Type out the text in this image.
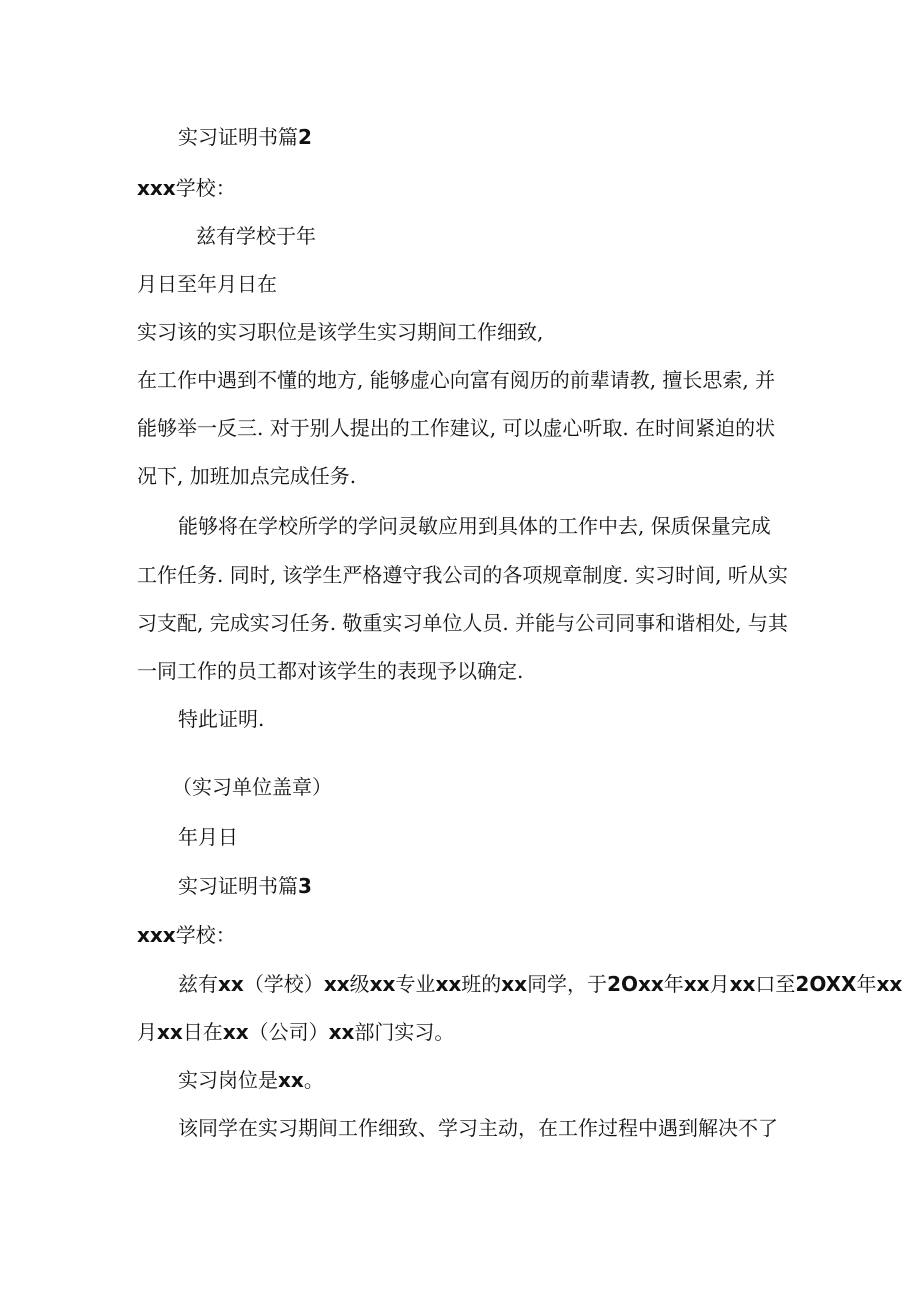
实习证明书篇2
xxx学校：
兹有学校于年
月日至年月日在
实习该的实习职位是该学生实习期间工作细致,
在工作中遇到不懂的地方, 能够虚心向富有阅历的前辈请教, 擅长思索, 并
能够举一反三. 对于别人提出的工作建议, 可以虚心听取. 在时间紧迫的状
况下, 加班加点完成任务.
能够将在学校所学的学问灵敏应用到具体的工作中去, 保质保量完成
工作任务. 同时, 该学生严格遵守我公司的各项规章制度. 实习时间, 听从实
习支配, 完成实习任务. 敬重实习单位人员. 并能与公司同事和谐相处, 与其
一同工作的员工都对该学生的表现予以确定.
特此证明.
（实习单位盖章）
年月日
实习证明书篇3
xxx学校：
兹有xx（学校）xx级xx专业xx班的xx同学，于2Oxx年xx月xx口至2OXX年xx
月xx日在xx（公司）xx部门实习。
实习岗位是xx。
该同学在实习期间工作细致、学习主动，在工作过程中遇到解决不了
